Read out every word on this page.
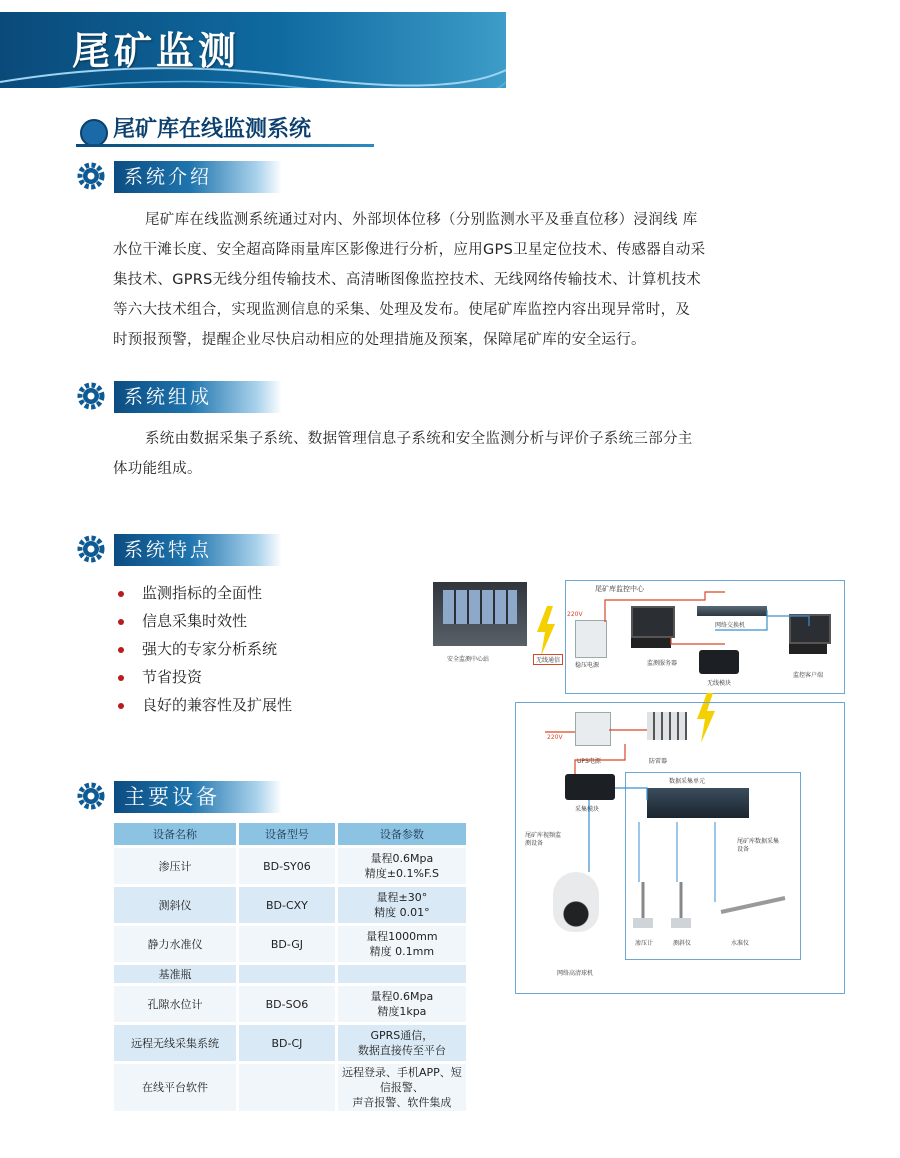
尾矿监测
尾矿库在线监测系统
系统介绍
尾矿库在线监测系统通过对内、外部坝体位移（分别监测水平及垂直位移）浸润线 库
水位干滩长度、安全超高降雨量库区影像进行分析，应用GPS卫星定位技术、传感器自动采
集技术、GPRS无线分组传输技术、高清晰图像监控技术、无线网络传输技术、计算机技术
等六大技术组合，实现监测信息的采集、处理及发布。使尾矿库监控内容出现异常时，及
时预报预警，提醒企业尽快启动相应的处理措施及预案，保障尾矿库的安全运行。
系统组成
系统由数据采集子系统、数据管理信息子系统和安全监测分析与评价子系统三部分主
体功能组成。
系统特点
监测指标的全面性
信息采集时效性
强大的专家分析系统
节省投资
良好的兼容性及扩展性
主要设备
设备名称	设备型号	设备参数
渗压计	BD-SY06	量程0.6Mpa
精度±0.1%F.S

测斜仪	BD-CXY	量程±30°
精度 0.01°

静力水准仪	BD-GJ	量程1000mm
精度 0.1mm

基准瓶		
孔隙水位计	BD-SO6	量程0.6Mpa
精度1kpa

远程无线采集系统	BD-CJ	GPRS通信，
数据直接传至平台

在线平台软件		远程登录、手机APP、短信报警、
声音报警、软件集成
安全监测中心站	无线通信
尾矿库监控中心
220V
稳压电源	监测服务器
网络交换机
无线模块
监控客户端
220V
UPS电源	防雷器
采集模块
数据采集单元
尾矿库视频监测设备	尾矿库数据采集设备
网络高清球机
渗压计	测斜仪	水准仪
